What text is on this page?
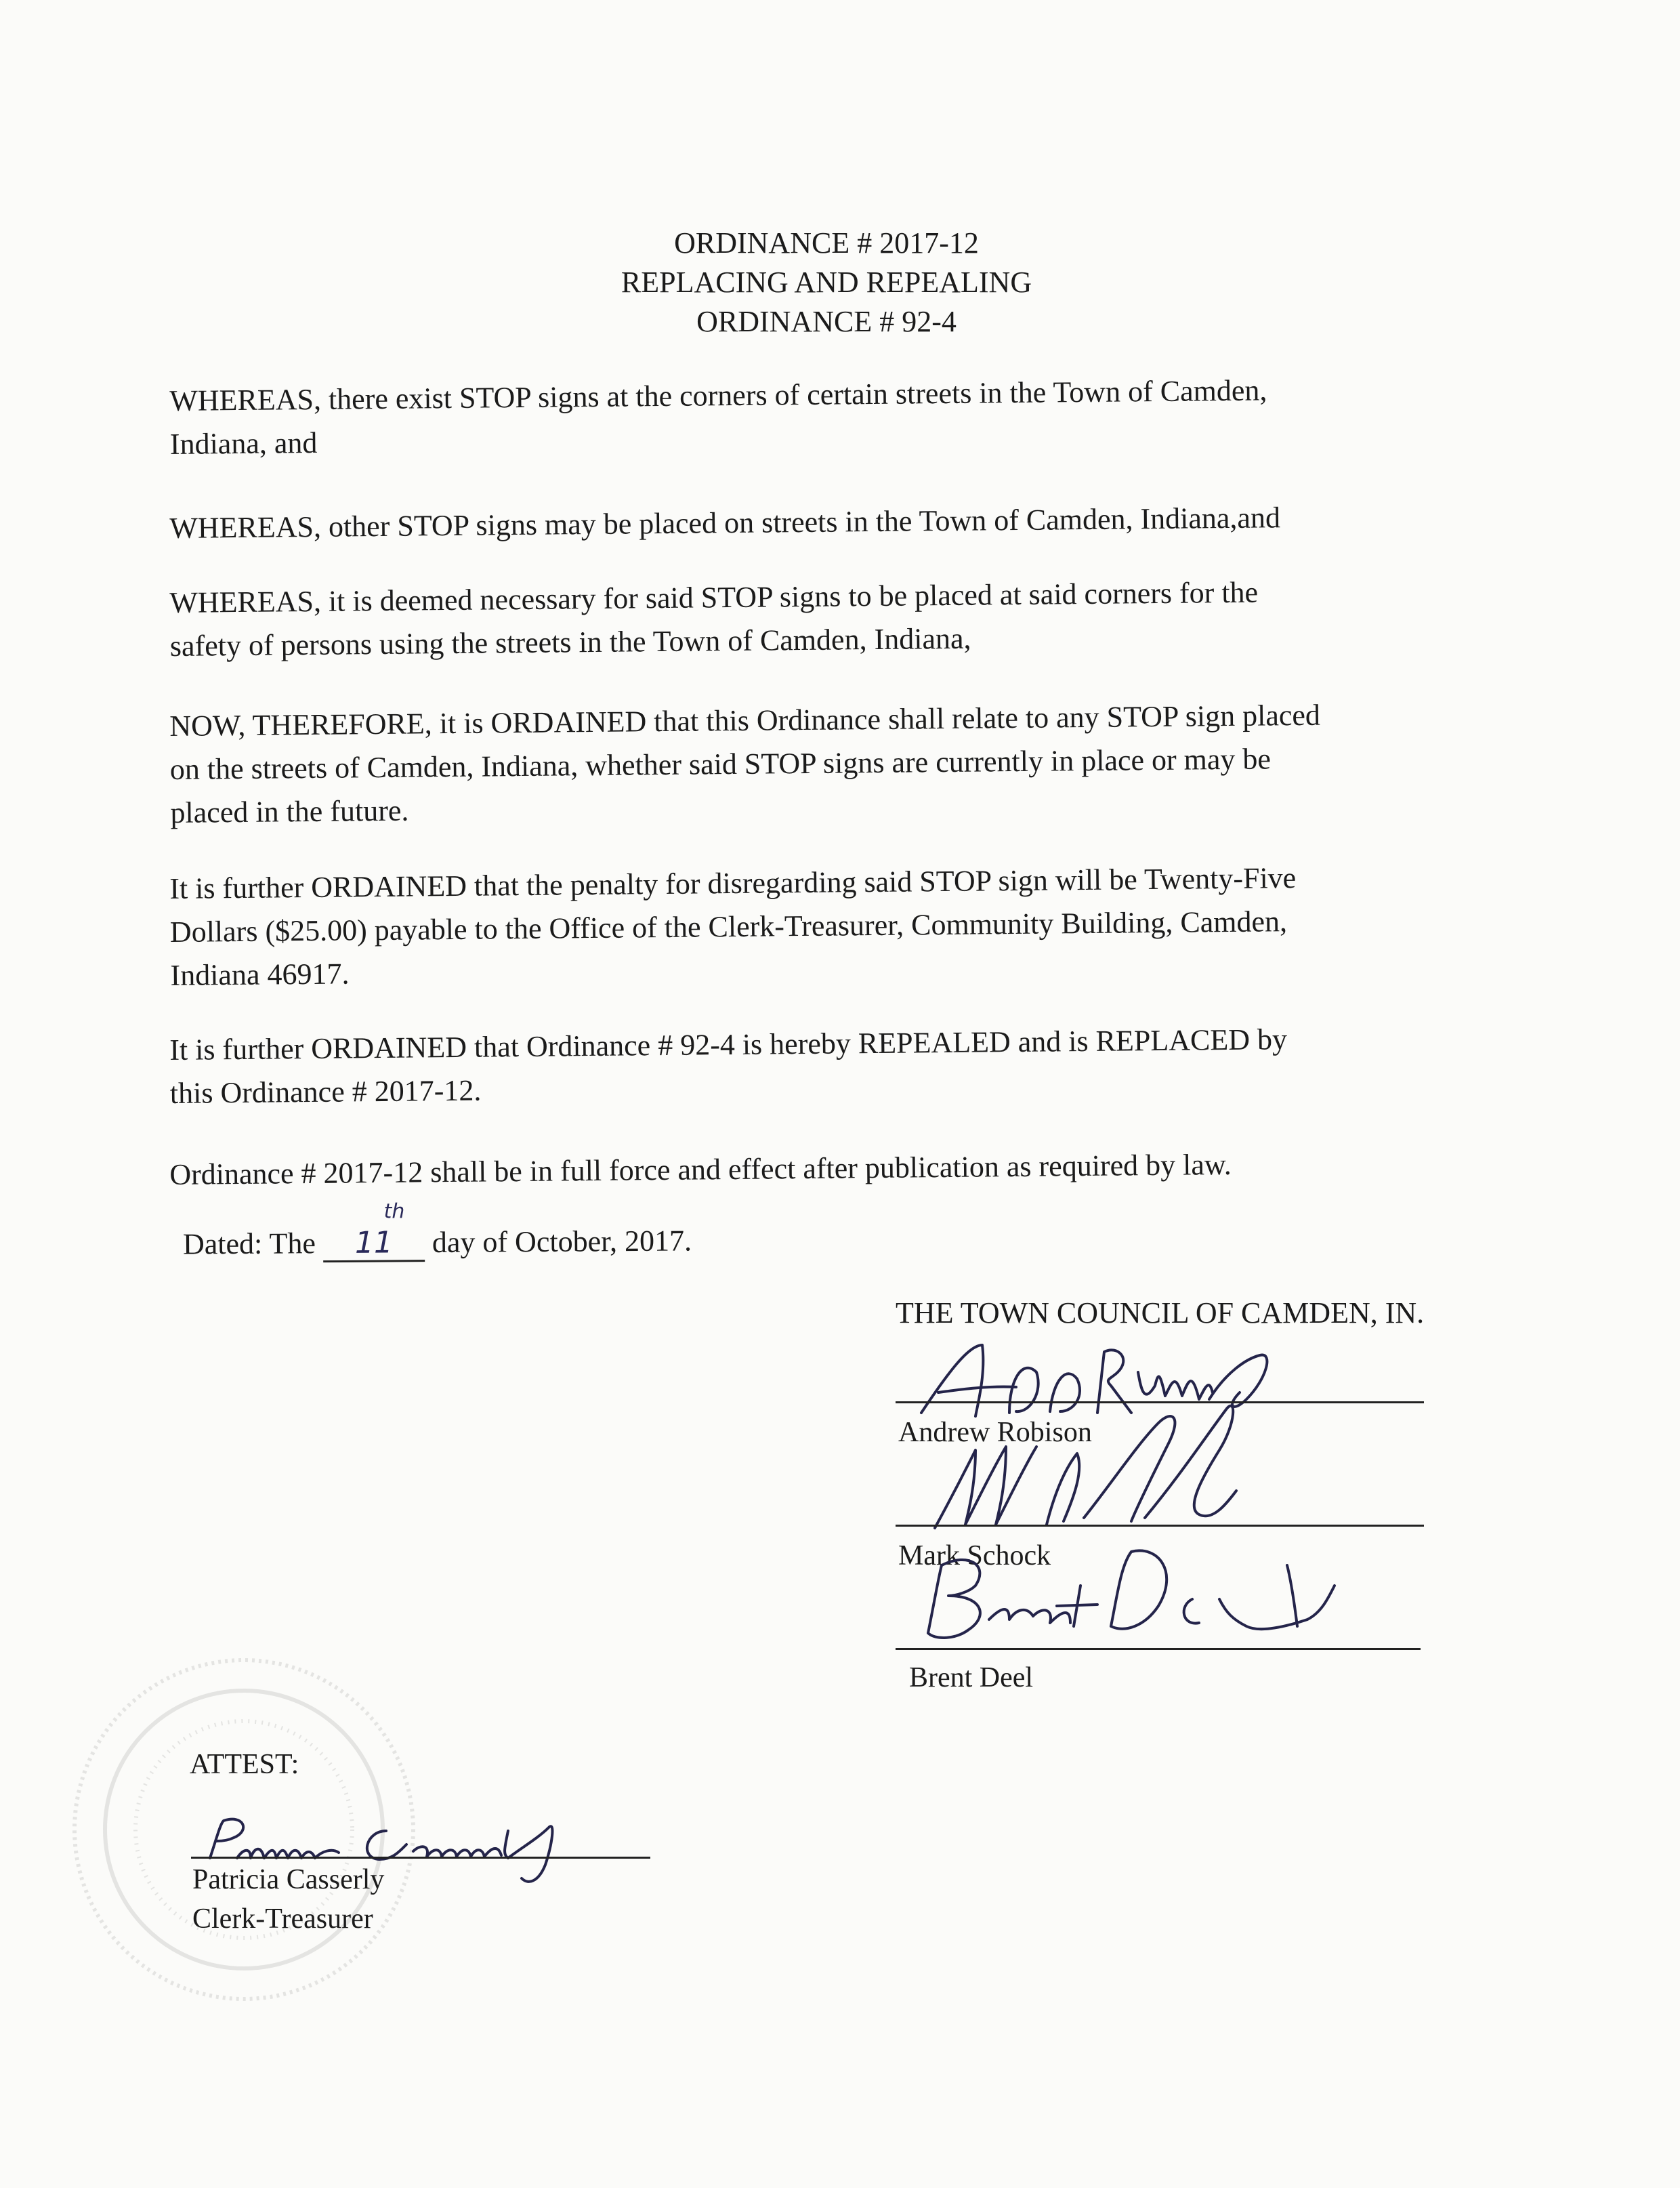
ORDINANCE # 2017-12
REPLACING AND REPEALING
ORDINANCE # 92-4
WHEREAS, there exist STOP signs at the corners of certain streets in the Town of Camden,
Indiana, and
WHEREAS, other STOP signs may be placed on streets in the Town of Camden, Indiana,and
WHEREAS, it is deemed necessary for said STOP signs to be placed at said corners for the
safety of persons using the streets in the Town of Camden, Indiana,
NOW, THEREFORE, it is ORDAINED that this Ordinance shall relate to any STOP sign placed
on the streets of Camden, Indiana, whether said STOP signs are currently in place or may be
placed in the future.
It is further ORDAINED that the penalty for disregarding said STOP sign will be Twenty-Five
Dollars ($25.00) payable to the Office of the Clerk-Treasurer, Community Building, Camden,
Indiana 46917.
It is further ORDAINED that Ordinance # 92-4 is hereby REPEALED and is REPLACED by
this Ordinance # 2017-12.
Ordinance # 2017-12 shall be in full force and effect after publication as required by law.
Dated: The 11
th
day of October, 2017.
THE TOWN COUNCIL OF CAMDEN, IN.
Andrew Robison
Mark Schock
Brent Deel
ATTEST:
Patricia Casserly
Clerk-Treasurer
